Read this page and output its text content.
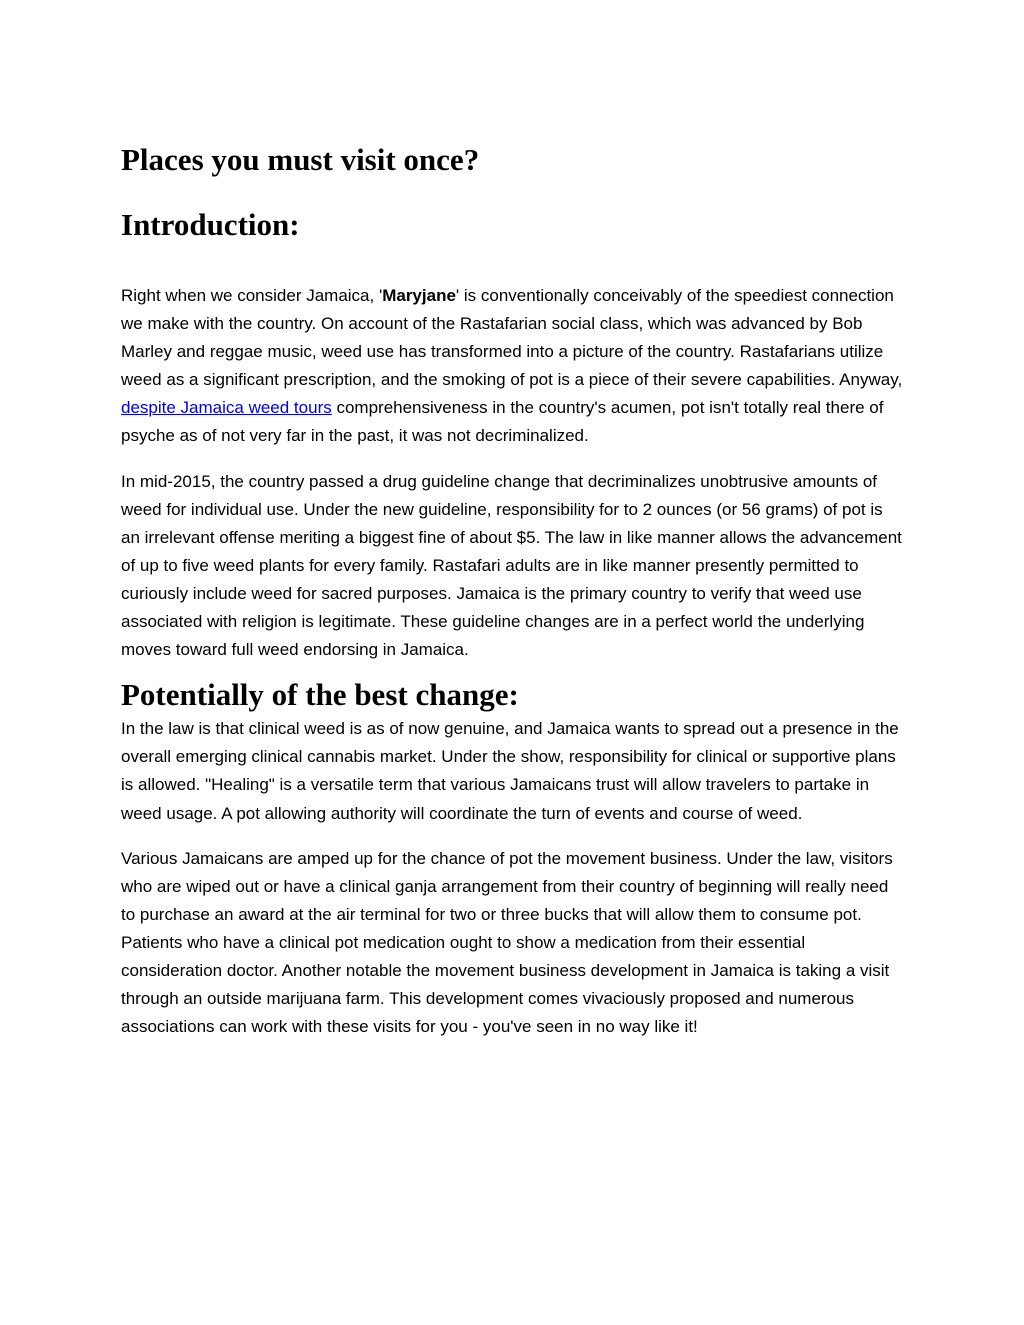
Places you must visit once?
Introduction:

Right when we consider Jamaica, 'Maryjane' is conventionally conceivably of the speediest connection we make with the country. On account of the Rastafarian social class, which was advanced by Bob Marley and reggae music, weed use has transformed into a picture of the country. Rastafarians utilize weed as a significant prescription, and the smoking of pot is a piece of their severe capabilities. Anyway, despite Jamaica weed tours comprehensiveness in the country's acumen, pot isn't totally real there of psyche as of not very far in the past, it was not decriminalized.

In mid-2015, the country passed a drug guideline change that decriminalizes unobtrusive amounts of weed for individual use. Under the new guideline, responsibility for to 2 ounces (or 56 grams) of pot is an irrelevant offense meriting a biggest fine of about $5. The law in like manner allows the advancement of up to five weed plants for every family. Rastafari adults are in like manner presently permitted to curiously include weed for sacred purposes. Jamaica is the primary country to verify that weed use associated with religion is legitimate. These guideline changes are in a perfect world the underlying moves toward full weed endorsing in Jamaica.

Potentially of the best change:

In the law is that clinical weed is as of now genuine, and Jamaica wants to spread out a presence in the overall emerging clinical cannabis market. Under the show, responsibility for clinical or supportive plans is allowed. "Healing" is a versatile term that various Jamaicans trust will allow travelers to partake in weed usage. A pot allowing authority will coordinate the turn of events and course of weed.

Various Jamaicans are amped up for the chance of pot the movement business. Under the law, visitors who are wiped out or have a clinical ganja arrangement from their country of beginning will really need to purchase an award at the air terminal for two or three bucks that will allow them to consume pot. Patients who have a clinical pot medication ought to show a medication from their essential consideration doctor. Another notable the movement business development in Jamaica is taking a visit through an outside marijuana farm. This development comes vivaciously proposed and numerous associations can work with these visits for you - you've seen in no way like it!
